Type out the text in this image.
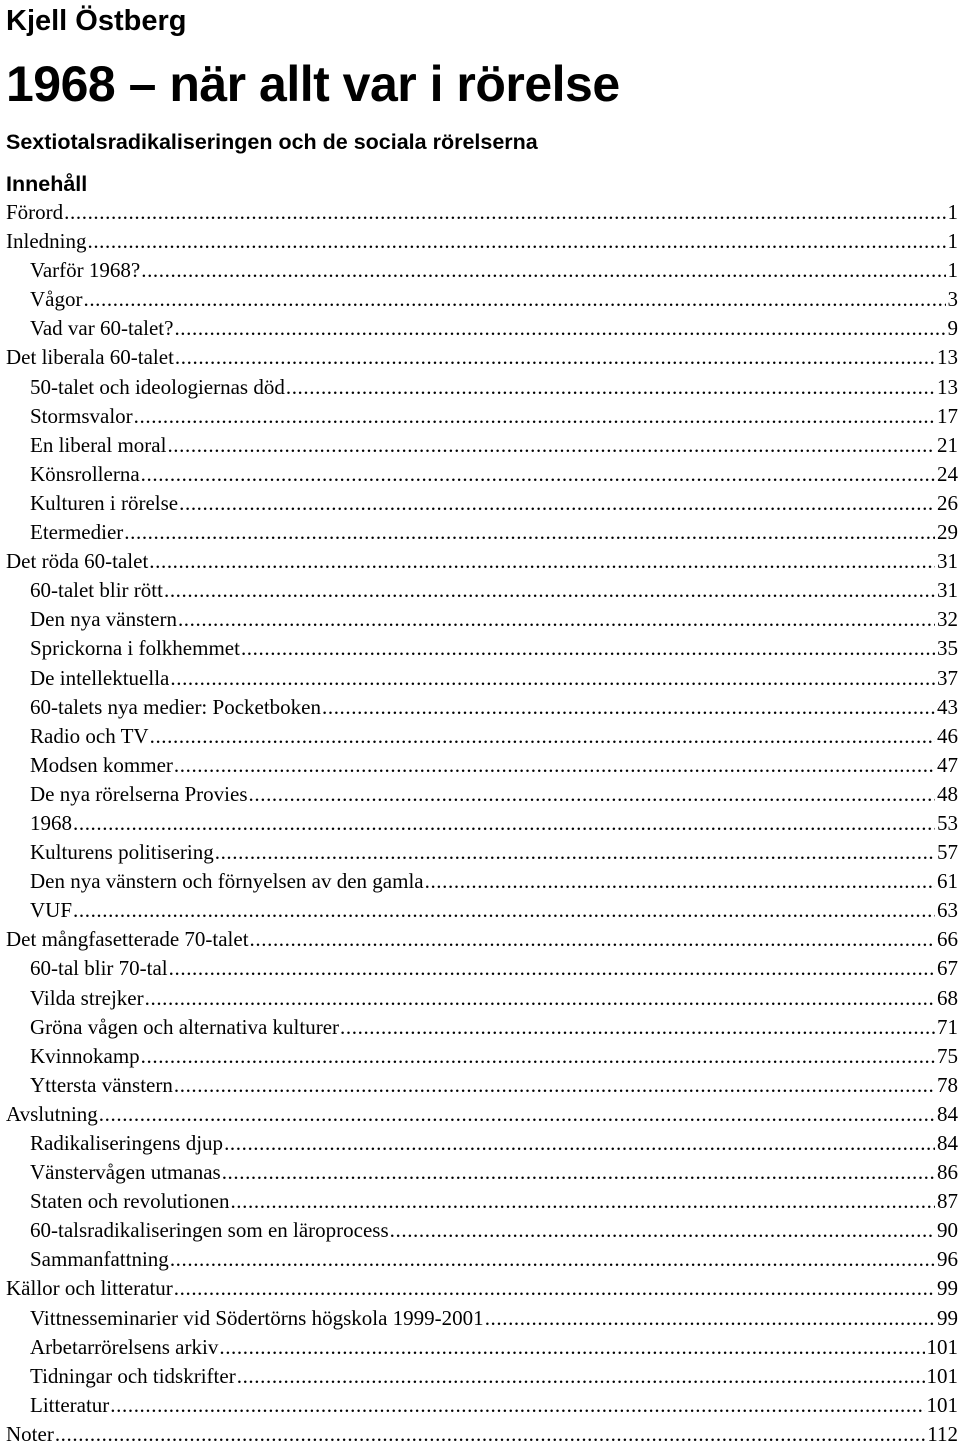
Kjell Östberg
1968 – när allt var i rörelse
Sextiotalsradikaliseringen och de sociala rörelserna
Innehåll
Förord .....	1
Inledning .....	1
Varför 1968? .....	1
Vågor .....	3
Vad var 60-talet? .....	9
Det liberala 60-talet .....	13
50-talet och ideologiernas död .....	13
Stormsvalor .....	17
En liberal moral .....	21
Könsrollerna .....	24
Kulturen i rörelse .....	26
Etermedier .....	29
Det röda 60-talet .....	31
60-talet blir rött .....	31
Den nya vänstern .....	32
Sprickorna i folkhemmet .....	35
De intellektuella .....	37
60-talets nya medier: Pocketboken .....	43
Radio och TV .....	46
Modsen kommer .....	47
De nya rörelserna Provies .....	48
1968 .....	53
Kulturens politisering .....	57
Den nya vänstern och förnyelsen av den gamla .....	61
VUF .....	63
Det mångfasetterade 70-talet .....	66
60-tal blir 70-tal .....	67
Vilda strejker .....	68
Gröna vågen och alternativa kulturer .....	71
Kvinnokamp .....	75
Yttersta vänstern .....	78
Avslutning .....	84
Radikaliseringens djup .....	84
Vänstervågen utmanas .....	86
Staten och revolutionen .....	87
60-talsradikaliseringen som en läroprocess .....	90
Sammanfattning .....	96
Källor och litteratur .....	99
Vittnesseminarier vid Södertörns högskola 1999-2001 .....	99
Arbetarrörelsens arkiv .....	101
Tidningar och tidskrifter .....	101
Litteratur .....	101
Noter .....	112
